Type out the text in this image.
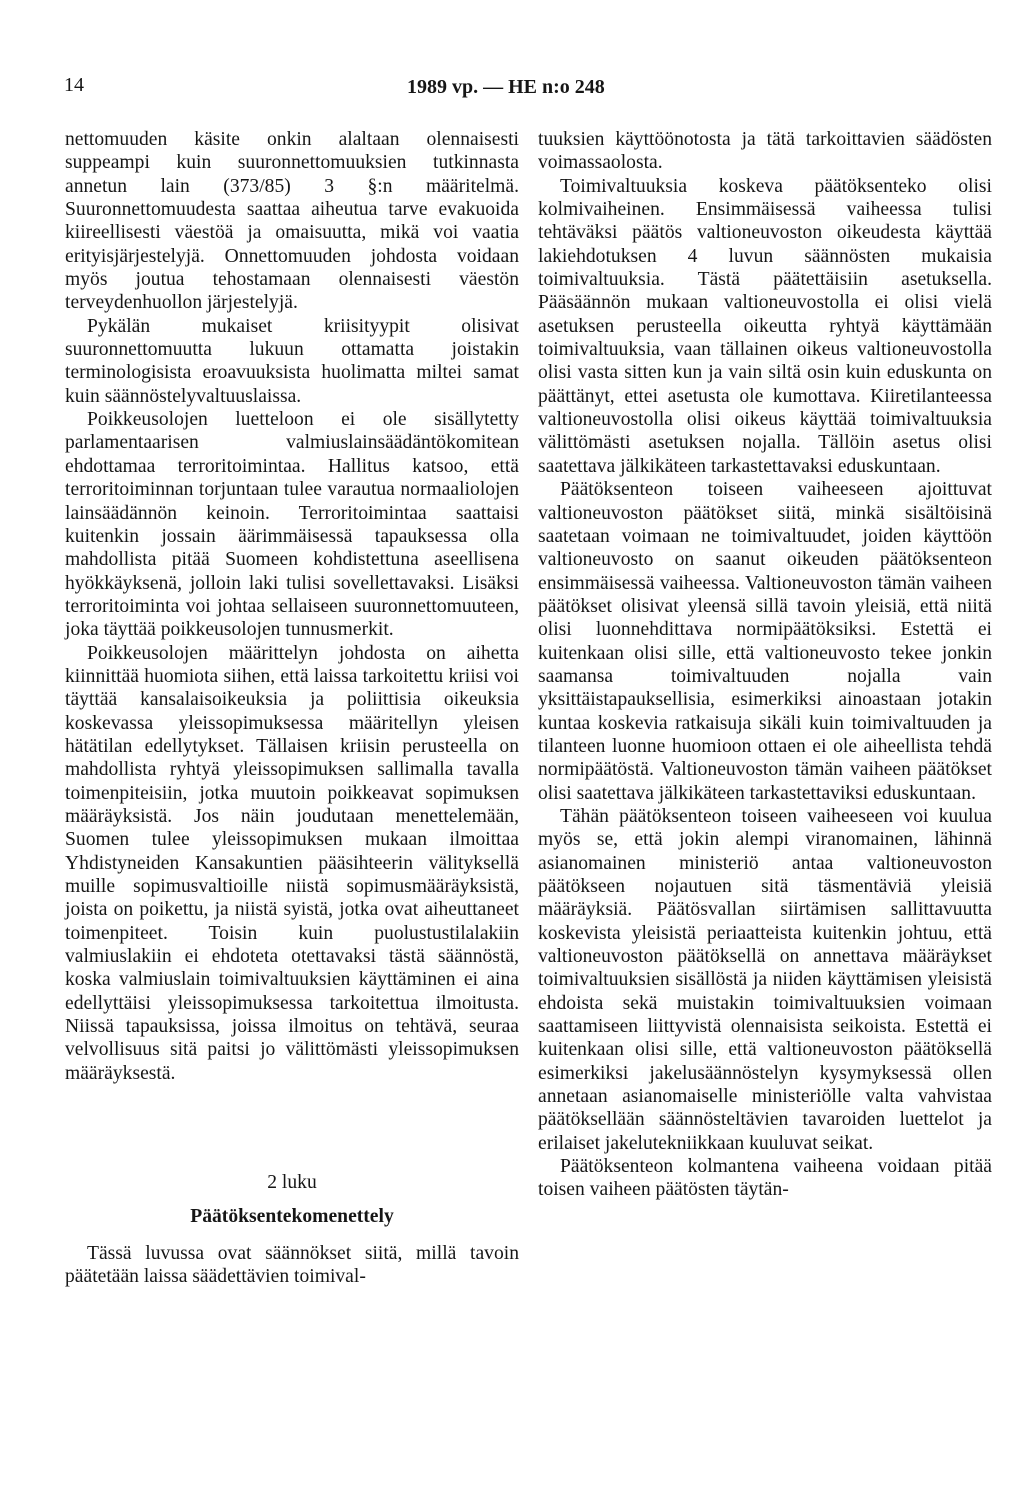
14	1989 vp. — HE n:o 248

nettomuuden käsite onkin alaltaan olennaisesti suppeampi kuin suuronnettomuuksien tutkinnasta annetun lain (373/85) 3 §:n määritelmä. Suuronnettomuudesta saattaa aiheutua tarve evakuoida kiireellisesti väestöä ja omaisuutta, mikä voi vaatia erityisjärjestelyjä. Onnettomuuden johdosta voidaan myös joutua tehostamaan olennaisesti väestön terveydenhuollon järjestelyjä.

Pykälän mukaiset kriisityypit olisivat suuronnettomuutta lukuun ottamatta joistakin terminologisista eroavuuksista huolimatta miltei samat kuin säännöstelyvaltuuslaissa.

Poikkeusolojen luetteloon ei ole sisällytetty parlamentaarisen valmiuslainsäädäntökomitean ehdottamaa terroritoimintaa. Hallitus katsoo, että terroritoiminnan torjuntaan tulee varautua normaaliolojen lainsäädännön keinoin. Terroritoimintaa saattaisi kuitenkin jossain äärimmäisessä tapauksessa olla mahdollista pitää Suomeen kohdistettuna aseellisena hyökkäyksenä, jolloin laki tulisi sovellettavaksi. Lisäksi terroritoiminta voi johtaa sellaiseen suuronnettomuuteen, joka täyttää poikkeusolojen tunnusmerkit.

Poikkeusolojen määrittelyn johdosta on aihetta kiinnittää huomiota siihen, että laissa tarkoitettu kriisi voi täyttää kansalaisoikeuksia ja poliittisia oikeuksia koskevassa yleissopimuksessa määritellyn yleisen hätätilan edellytykset. Tällaisen kriisin perusteella on mahdollista ryhtyä yleissopimuksen sallimalla tavalla toimenpiteisiin, jotka muutoin poikkeavat sopimuksen määräyksistä. Jos näin joudutaan menettelemään, Suomen tulee yleissopimuksen mukaan ilmoittaa Yhdistyneiden Kansakuntien pääsihteerin välityksellä muille sopimusvaltioille niistä sopimusmääräyksistä, joista on poikettu, ja niistä syistä, jotka ovat aiheuttaneet toimenpiteet. Toisin kuin puolustustilalakiin valmiuslakiin ei ehdoteta otettavaksi tästä säännöstä, koska valmiuslain toimivaltuuksien käyttäminen ei aina edellyttäisi yleissopimuksessa tarkoitettua ilmoitusta. Niissä tapauksissa, joissa ilmoitus on tehtävä, seuraa velvollisuus sitä paitsi jo välittömästi yleissopimuksen määräyksestä.

2 luku
Päätöksentekomenettely

Tässä luvussa ovat säännökset siitä, millä tavoin päätetään laissa säädettävien toimival-

tuuksien käyttöönotosta ja tätä tarkoittavien säädösten voimassaolosta.

Toimivaltuuksia koskeva päätöksenteko olisi kolmivaiheinen. Ensimmäisessä vaiheessa tulisi tehtäväksi päätös valtioneuvoston oikeudesta käyttää lakiehdotuksen 4 luvun säännösten mukaisia toimivaltuuksia. Tästä päätettäisiin asetuksella. Pääsäännön mukaan valtioneuvostolla ei olisi vielä asetuksen perusteella oikeutta ryhtyä käyttämään toimivaltuuksia, vaan tällainen oikeus valtioneuvostolla olisi vasta sitten kun ja vain siltä osin kuin eduskunta on päättänyt, ettei asetusta ole kumottava. Kiiretilanteessa valtioneuvostolla olisi oikeus käyttää toimivaltuuksia välittömästi asetuksen nojalla. Tällöin asetus olisi saatettava jälkikäteen tarkastettavaksi eduskuntaan.

Päätöksenteon toiseen vaiheeseen ajoittuvat valtioneuvoston päätökset siitä, minkä sisältöisinä saatetaan voimaan ne toimivaltuudet, joiden käyttöön valtioneuvosto on saanut oikeuden päätöksenteon ensimmäisessä vaiheessa. Valtioneuvoston tämän vaiheen päätökset olisivat yleensä sillä tavoin yleisiä, että niitä olisi luonnehdittava normipäätöksiksi. Estettä ei kuitenkaan olisi sille, että valtioneuvosto tekee jonkin saamansa toimivaltuuden nojalla vain yksittäistapauksellisia, esimerkiksi ainoastaan jotakin kuntaa koskevia ratkaisuja sikäli kuin toimivaltuuden ja tilanteen luonne huomioon ottaen ei ole aiheellista tehdä normipäätöstä. Valtioneuvoston tämän vaiheen päätökset olisi saatettava jälkikäteen tarkastettaviksi eduskuntaan.

Tähän päätöksenteon toiseen vaiheeseen voi kuulua myös se, että jokin alempi viranomainen, lähinnä asianomainen ministeriö antaa valtioneuvoston päätökseen nojautuen sitä täsmentäviä yleisiä määräyksiä. Päätösvallan siirtämisen sallittavuutta koskevista yleisistä periaatteista kuitenkin johtuu, että valtioneuvoston päätöksellä on annettava määräykset toimivaltuuksien sisällöstä ja niiden käyttämisen yleisistä ehdoista sekä muistakin toimivaltuuksien voimaan saattamiseen liittyvistä olennaisista seikoista. Estettä ei kuitenkaan olisi sille, että valtioneuvoston päätöksellä esimerkiksi jakelusäännöstelyn kysymyksessä ollen annetaan asianomaiselle ministeriölle valta vahvistaa päätöksellään säännösteltävien tavaroiden luettelot ja erilaiset jakelutekniikkaan kuuluvat seikat.

Päätöksenteon kolmantena vaiheena voidaan pitää toisen vaiheen päätösten täytän-
